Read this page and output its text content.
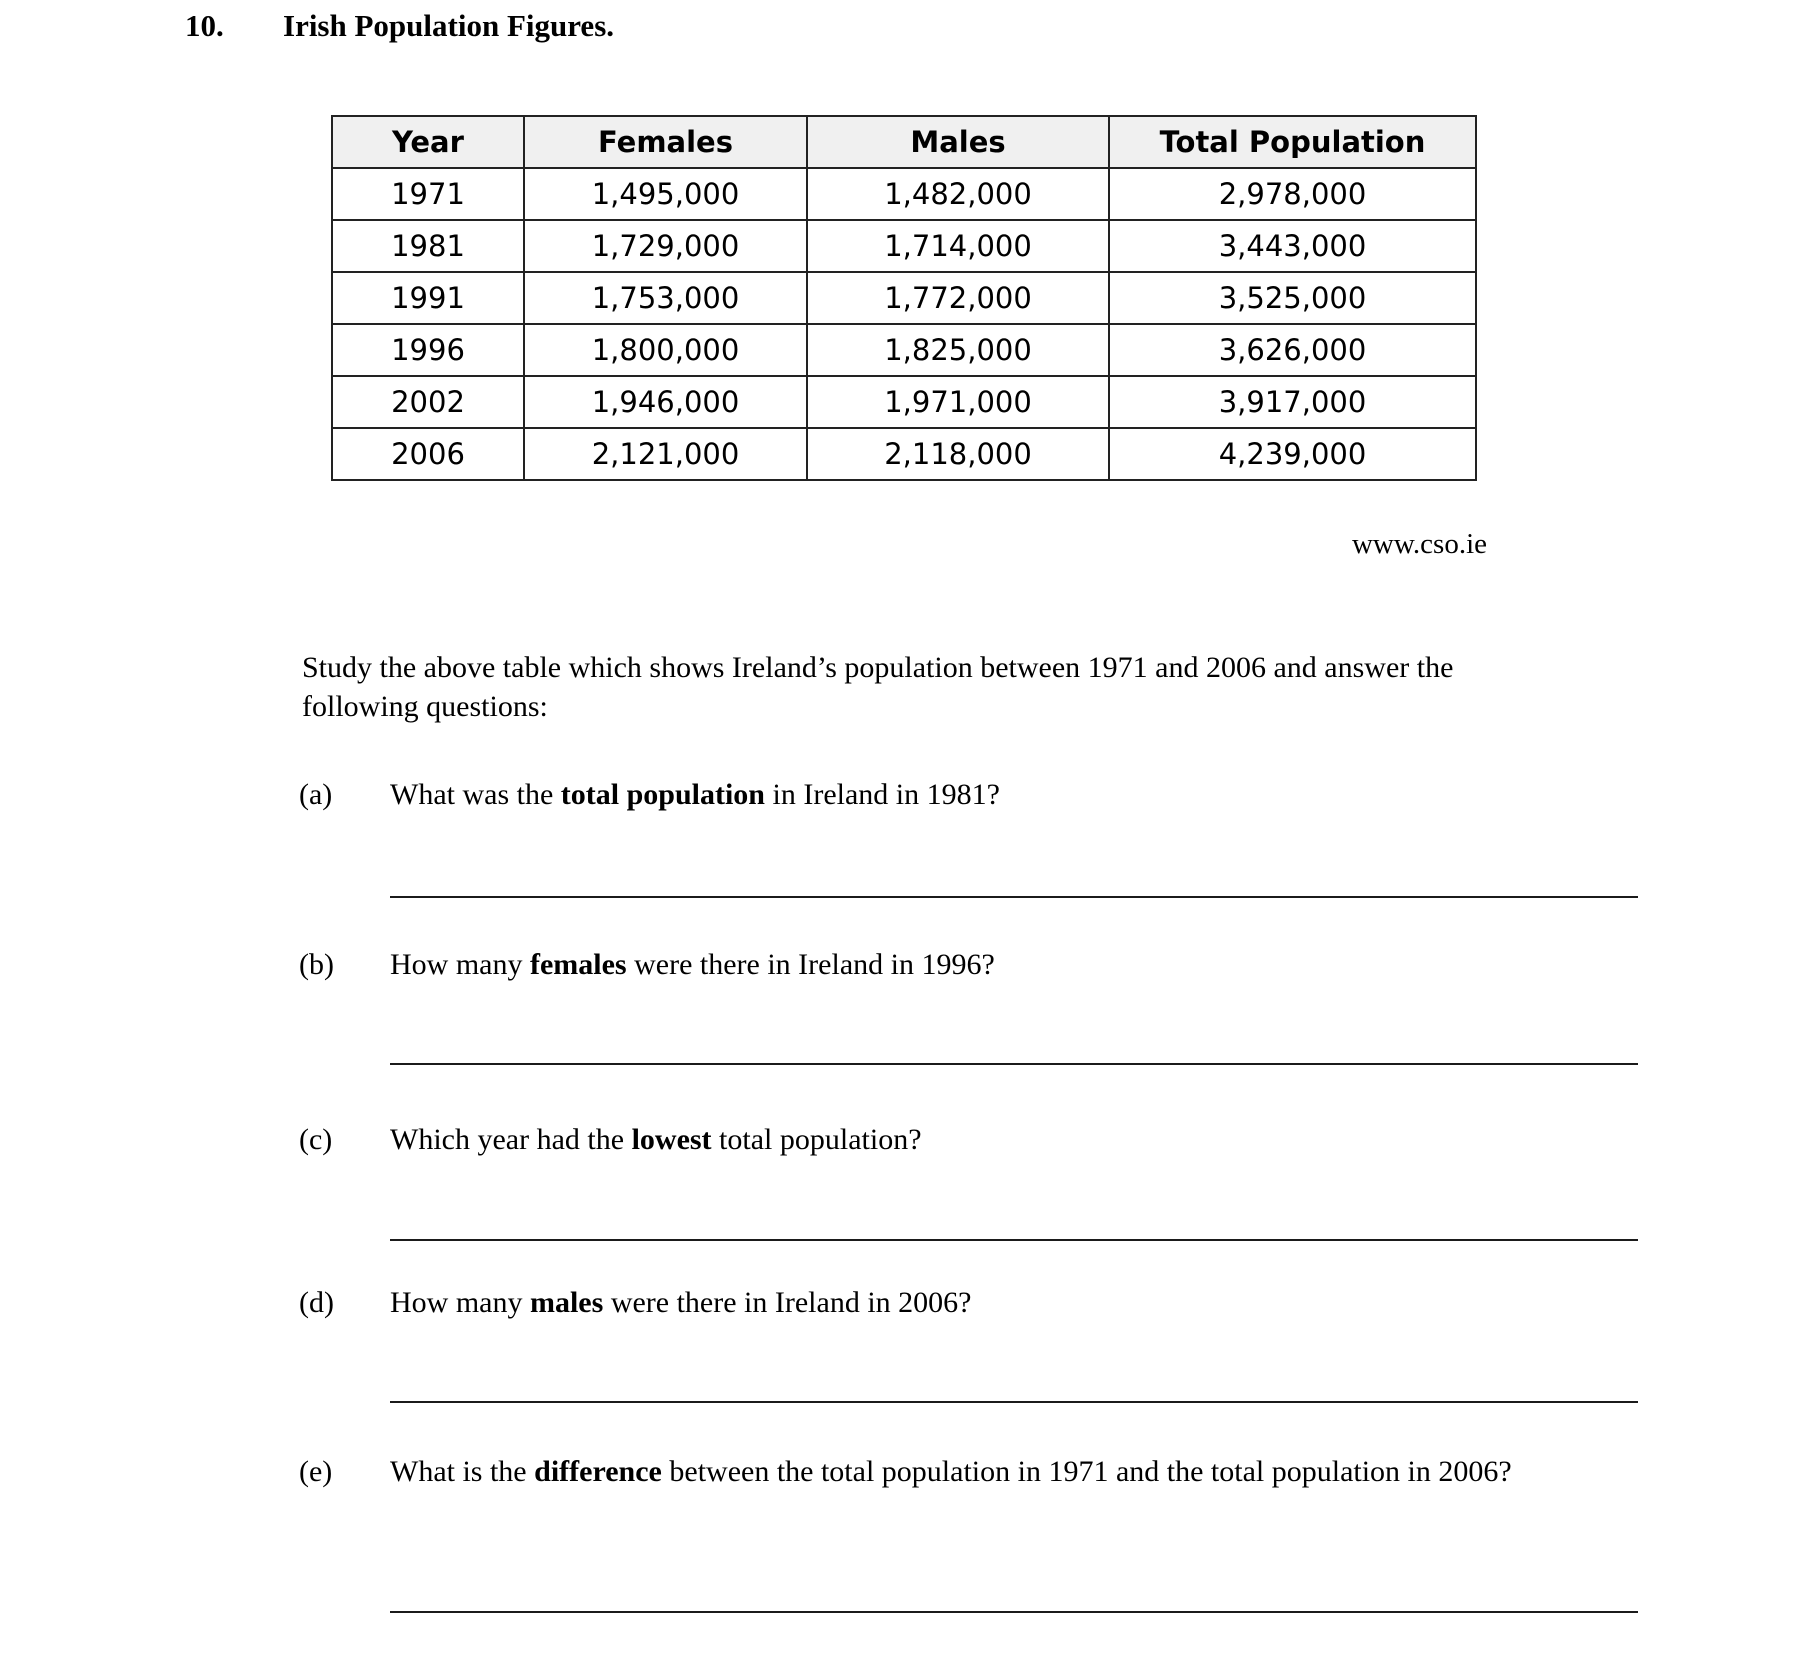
10. Irish Population Figures.
Year	Females	Males	Total Population
1971	1,495,000	1,482,000	2,978,000
1981	1,729,000	1,714,000	3,443,000
1991	1,753,000	1,772,000	3,525,000
1996	1,800,000	1,825,000	3,626,000
2002	1,946,000	1,971,000	3,917,000
2006	2,121,000	2,118,000	4,239,000
www.cso.ie
Study the above table which shows Ireland’s population between 1971 and 2006 and answer the following questions:
(a)	What was the total population in Ireland in 1981?
(b)	How many females were there in Ireland in 1996?
(c)	Which year had the lowest total population?
(d)	How many males were there in Ireland in 2006?
(e)	What is the difference between the total population in 1971 and the total population in 2006?
